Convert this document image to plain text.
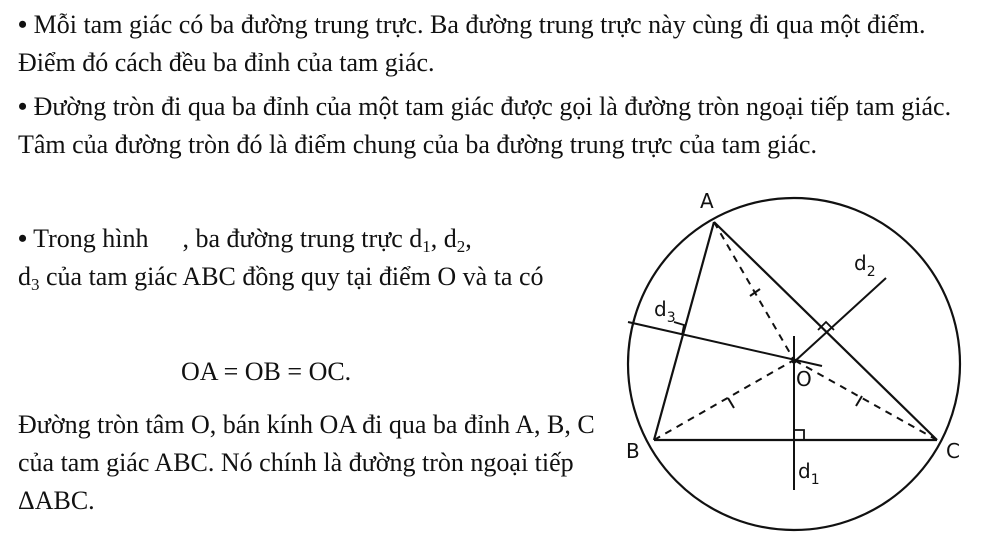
• Mỗi tam giác có ba đường trung trực. Ba đường trung trực này cùng đi qua một điểm. Điểm đó cách đều ba đỉnh của tam giác.

• Đường tròn đi qua ba đỉnh của một tam giác được gọi là đường tròn ngoại tiếp tam giác. Tâm của đường tròn đó là điểm chung của ba đường trung trực của tam giác.

• Trong hình , ba đường trung trực $d_1$, $d_2$,
$d_3$ của tam giác ABC đồng quy tại điểm O và ta có

OA = OB = OC.

Đường tròn tâm O, bán kính OA đi qua ba đỉnh A, B, C của tam giác ABC. Nó chính là đường tròn ngoại tiếp ΔABC.

A
B	C
O
$d_1$
$d_2$
$d_3$
